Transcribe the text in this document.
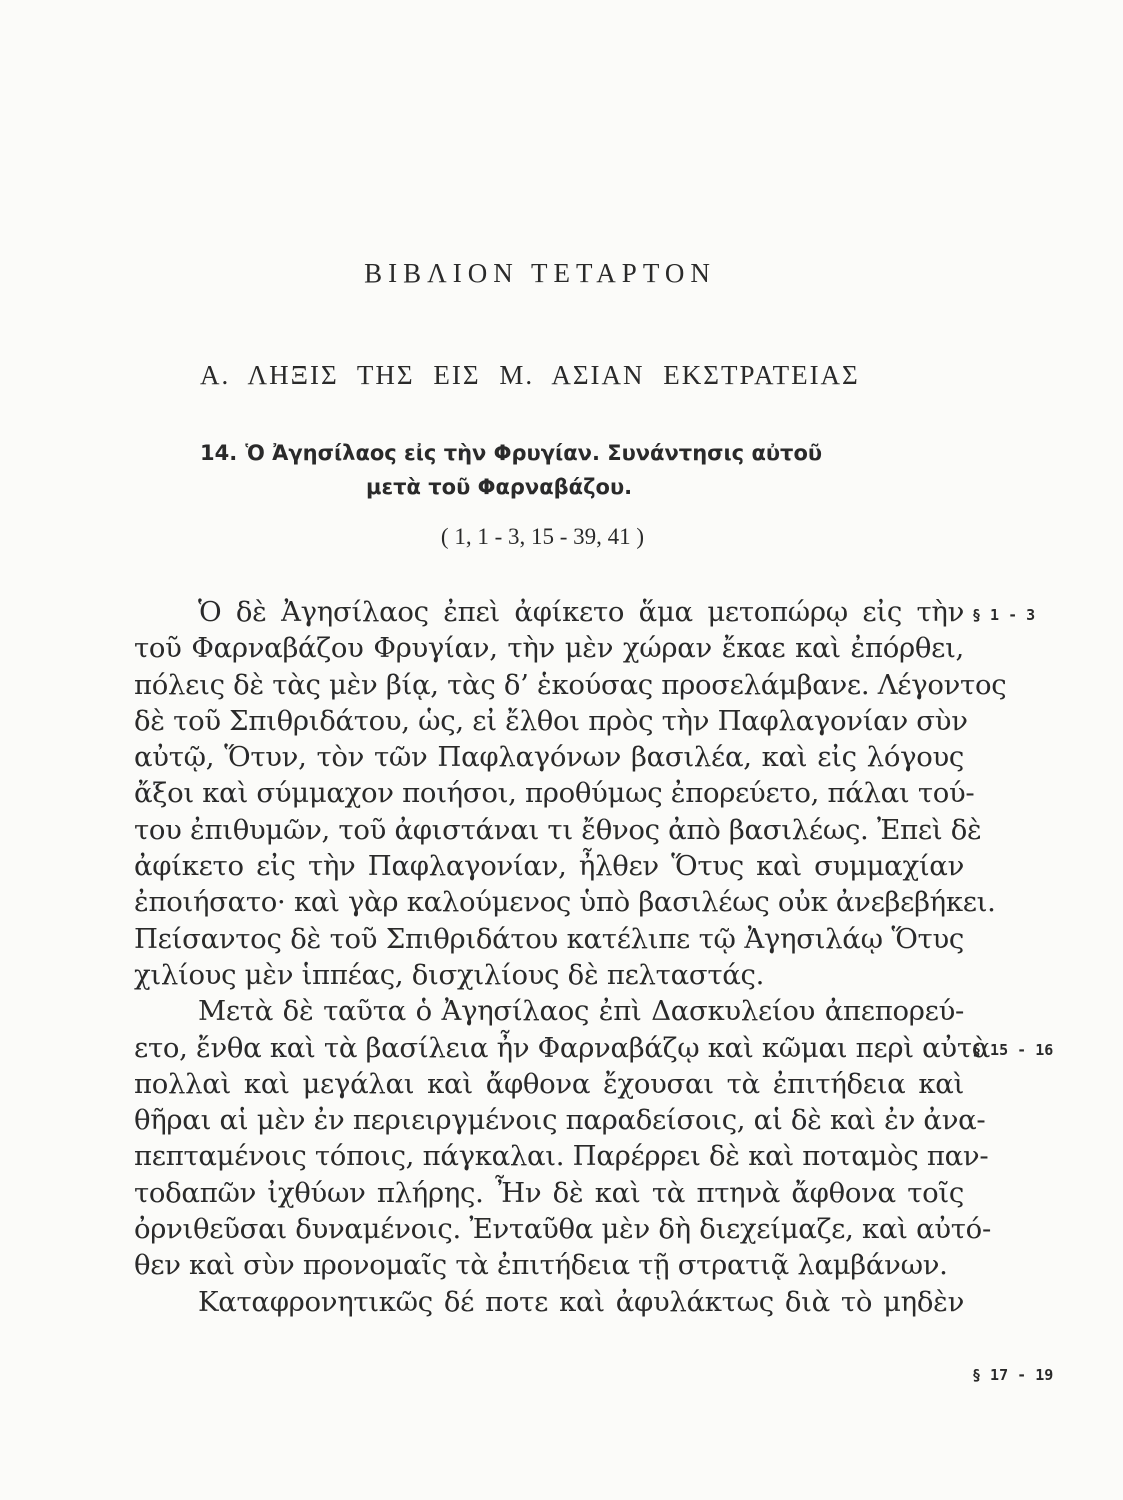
ΒΙΒΛΙΟΝ ΤΕΤΑΡΤΟΝ
Α. ΛΗΞΙΣ ΤΗΣ ΕΙΣ Μ. ΑΣΙΑΝ ΕΚΣΤΡΑΤΕΙΑΣ
14. Ὁ Ἀγησίλαος εἰς τὴν Φρυγίαν. Συνάντησις αὐτοῦ
μετὰ τοῦ Φαρναβάζου.
( 1, 1 - 3, 15 - 39, 41 )
Ὁ δὲ Ἀγησίλαος ἐπεὶ ἀφίκετο ἅμα μετοπώρῳ εἰς τὴν
τοῦ Φαρναβάζου Φρυγίαν, τὴν μὲν χώραν ἔκαε καὶ ἐπόρθει,
πόλεις δὲ τὰς μὲν βίᾳ, τὰς δ’ ἑκούσας προσελάμβανε. Λέγοντος
δὲ τοῦ Σπιθριδάτου, ὡς, εἰ ἔλθοι πρὸς τὴν Παφλαγονίαν σὺν
αὐτῷ, Ὅτυν, τὸν τῶν Παφλαγόνων βασιλέα, καὶ εἰς λόγους
ἄξοι καὶ σύμμαχον ποιήσοι, προθύμως ἐπορεύετο, πάλαι τού-
του ἐπιθυμῶν, τοῦ ἀφιστάναι τι ἔθνος ἀπὸ βασιλέως. Ἐπεὶ δὲ
ἀφίκετο εἰς τὴν Παφλαγονίαν, ἦλθεν Ὅτυς καὶ συμμαχίαν
ἐποιήσατο· καὶ γὰρ καλούμενος ὑπὸ βασιλέως οὐκ ἀνεβεβήκει.
Πείσαντος δὲ τοῦ Σπιθριδάτου κατέλιπε τῷ Ἀγησιλάῳ Ὅτυς
χιλίους μὲν ἱππέας, δισχιλίους δὲ πελταστάς.
Μετὰ δὲ ταῦτα ὁ Ἀγησίλαος ἐπὶ Δασκυλείου ἀπεπορεύ-
ετο, ἔνθα καὶ τὰ βασίλεια ἦν Φαρναβάζῳ καὶ κῶμαι περὶ αὐτὰ
πολλαὶ καὶ μεγάλαι καὶ ἄφθονα ἔχουσαι τὰ ἐπιτήδεια καὶ
θῆραι αἱ μὲν ἐν περιειργμένοις παραδείσοις, αἱ δὲ καὶ ἐν ἀνα-
πεπταμένοις τόποις, πάγκαλαι. Παρέρρει δὲ καὶ ποταμὸς παν-
τοδαπῶν ἰχθύων πλήρης. Ἦν δὲ καὶ τὰ πτηνὰ ἄφθονα τοῖς
ὀρνιθεῦσαι δυναμένοις. Ἐνταῦθα μὲν δὴ διεχείμαζε, καὶ αὐτό-
θεν καὶ σὺν προνομαῖς τὰ ἐπιτήδεια τῇ στρατιᾷ λαμβάνων.
Καταφρονητικῶς δέ ποτε καὶ ἀφυλάκτως διὰ τὸ μηδὲν
§ 1 - 3
§ 15 - 16
§ 17 - 19
